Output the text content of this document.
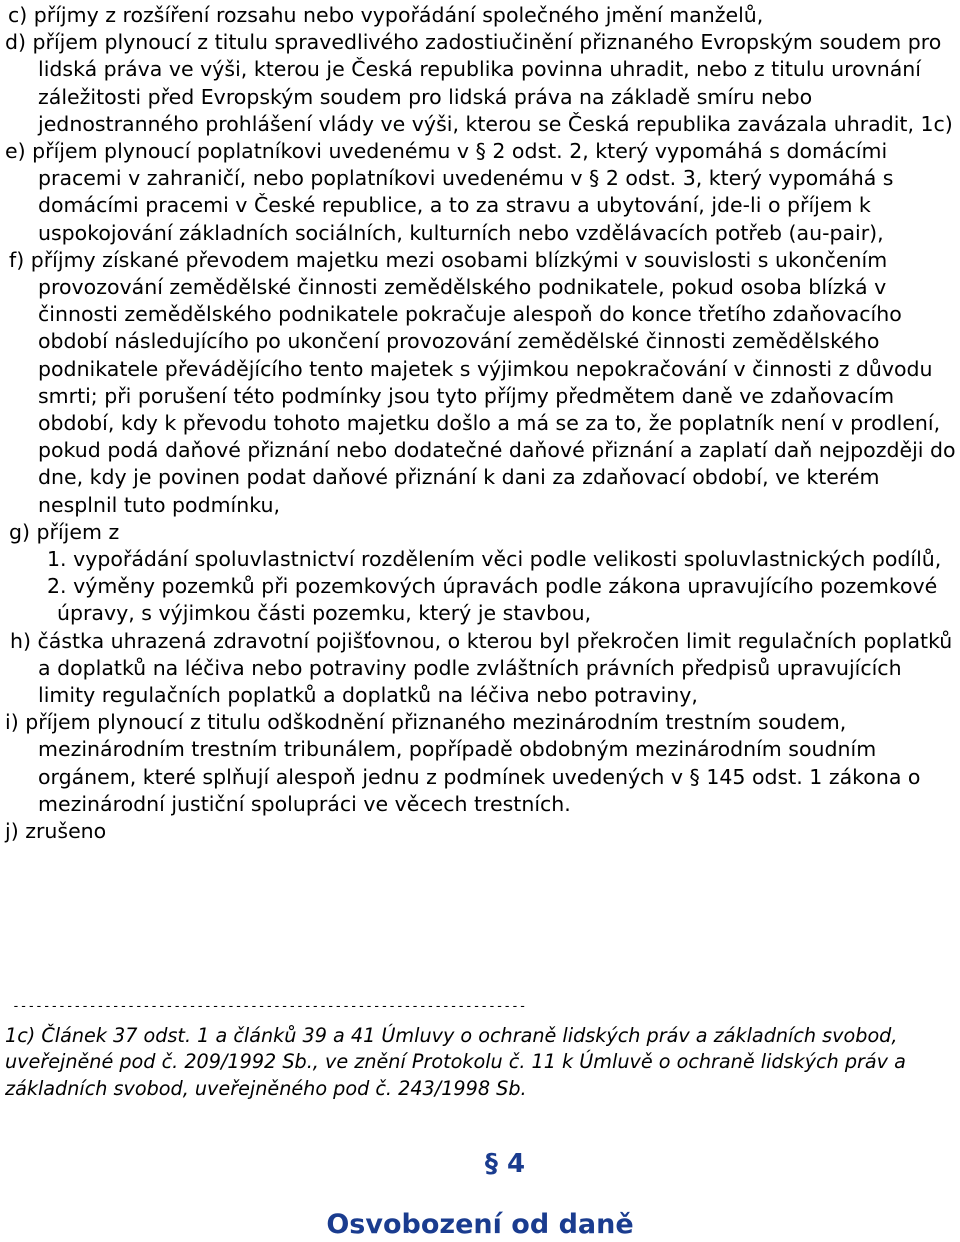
c) příjmy z rozšíření rozsahu nebo vypořádání společného jmění manželů,
d) příjem plynoucí z titulu spravedlivého zadostiučinění přiznaného Evropským soudem pro lidská práva ve výši, kterou je Česká republika povinna uhradit, nebo z titulu urovnání záležitosti před Evropským soudem pro lidská práva na základě smíru nebo jednostranného prohlášení vlády ve výši, kterou se Česká republika zavázala uhradit, 1c)
e) příjem plynoucí poplatníkovi uvedenému v § 2 odst. 2, který vypomáhá s domácími pracemi v zahraničí, nebo poplatníkovi uvedenému v § 2 odst. 3, který vypomáhá s domácími pracemi v České republice, a to za stravu a ubytování, jde-li o příjem k uspokojování základních sociálních, kulturních nebo vzdělávacích potřeb (au-pair),
f) příjmy získané převodem majetku mezi osobami blízkými v souvislosti s ukončením provozování zemědělské činnosti zemědělského podnikatele, pokud osoba blízká v činnosti zemědělského podnikatele pokračuje alespoň do konce třetího zdaňovacího období následujícího po ukončení provozování zemědělské činnosti zemědělského podnikatele převádějícího tento majetek s výjimkou nepokračování v činnosti z důvodu smrti; při porušení této podmínky jsou tyto příjmy předmětem daně ve zdaňovacím období, kdy k převodu tohoto majetku došlo a má se za to, že poplatník není v prodlení, pokud podá daňové přiznání nebo dodatečné daňové přiznání a zaplatí daň nejpozději do dne, kdy je povinen podat daňové přiznání k dani za zdaňovací období, ve kterém nesplnil tuto podmínku,
g) příjem z
1. vypořádání spoluvlastnictví rozdělením věci podle velikosti spoluvlastnických podílů,
2. výměny pozemků při pozemkových úpravách podle zákona upravujícího pozemkové úpravy, s výjimkou části pozemku, který je stavbou,
h) částka uhrazená zdravotní pojišťovnou, o kterou byl překročen limit regulačních poplatků a doplatků na léčiva nebo potraviny podle zvláštních právních předpisů upravujících limity regulačních poplatků a doplatků na léčiva nebo potraviny,
i) příjem plynoucí z titulu odškodnění přiznaného mezinárodním trestním soudem, mezinárodním trestním tribunálem, popřípadě obdobným mezinárodním soudním orgánem, které splňují alespoň jednu z podmínek uvedených v § 145 odst. 1 zákona o mezinárodní justiční spolupráci ve věcech trestních.
j) zrušeno
-------------------------------------------------------------------
1c) Článek 37 odst. 1 a článků 39 a 41 Úmluvy o ochraně lidských práv a základních svobod, uveřejněné pod č. 209/1992 Sb., ve znění Protokolu č. 11 k Úmluvě o ochraně lidských práv a základních svobod, uveřejněného pod č. 243/1998 Sb.
§ 4
Osvobození od daně
